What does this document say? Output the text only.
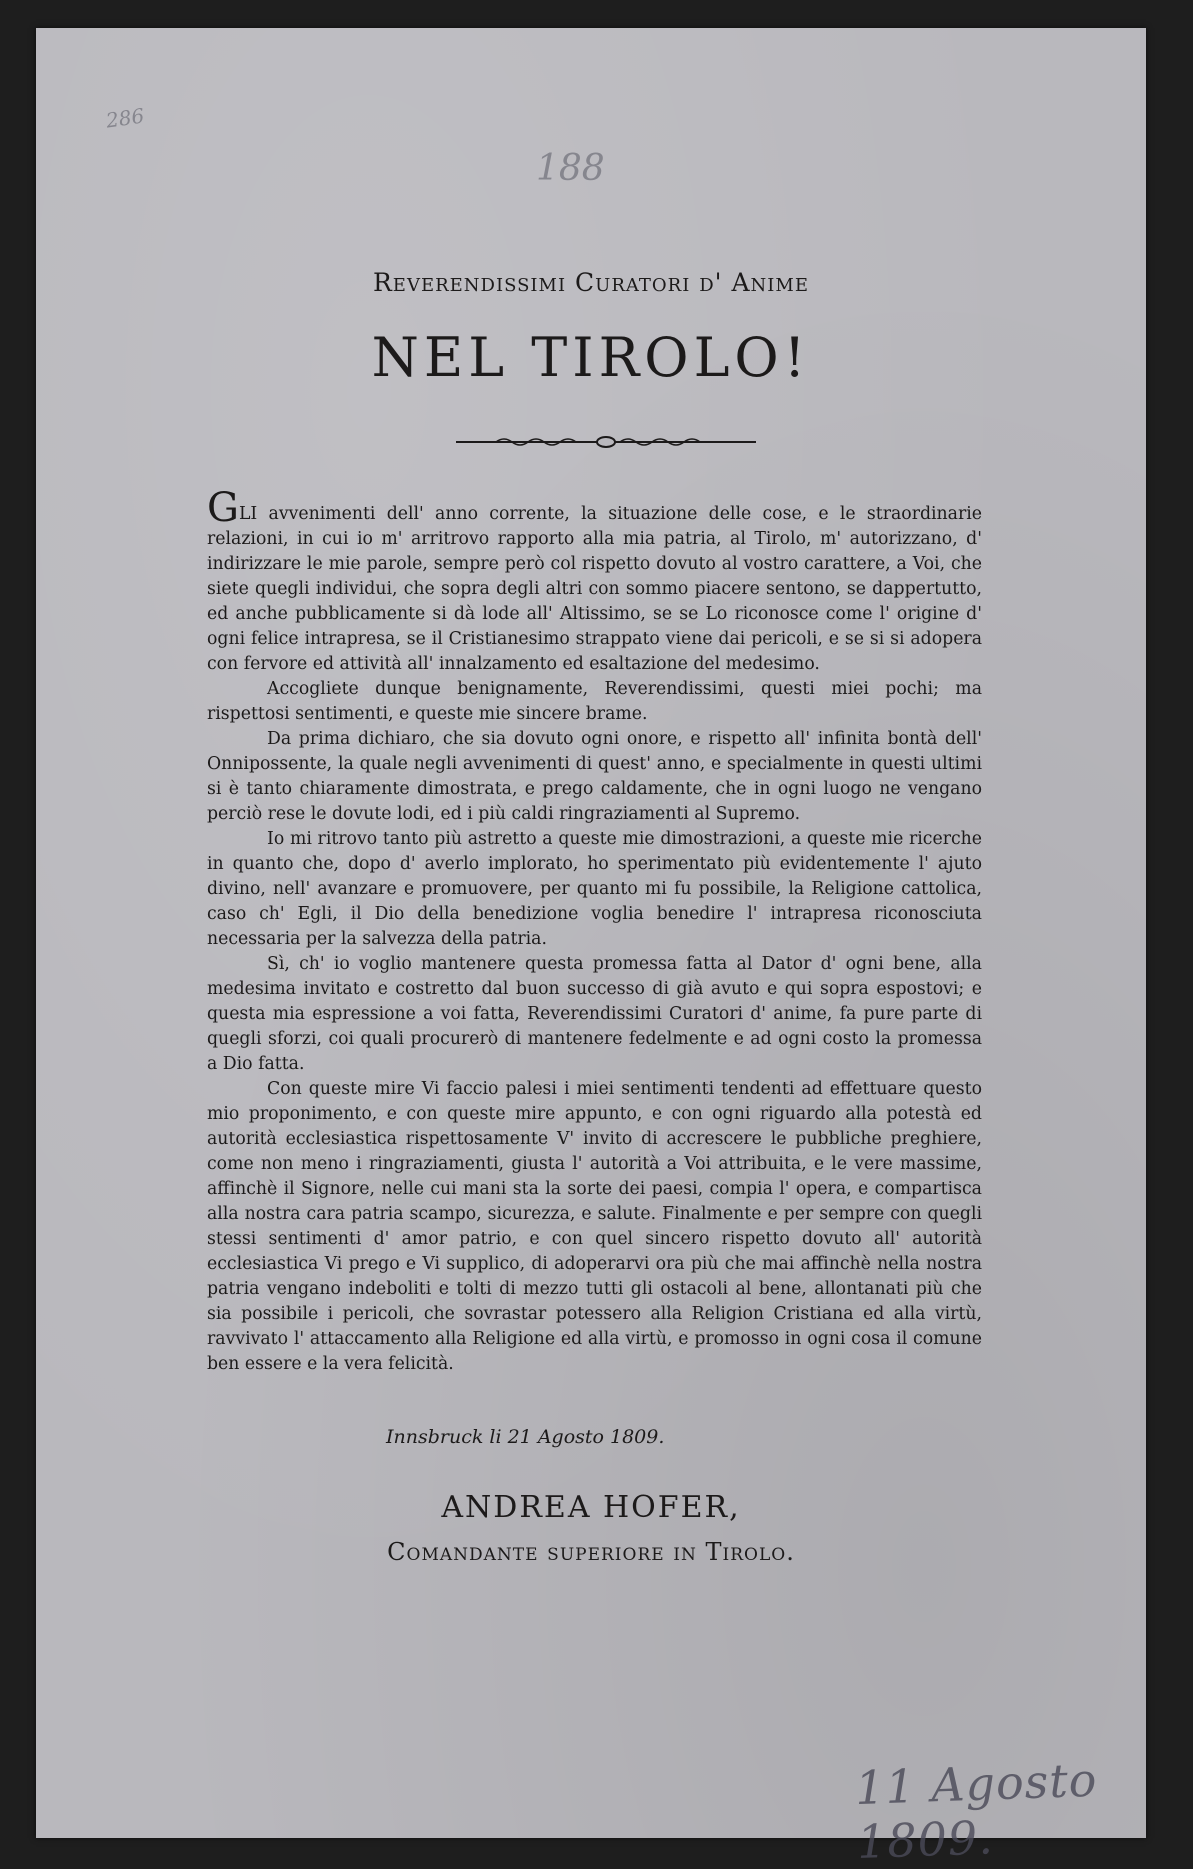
286
188
Reverendissimi Curatori d' Anime
NEL TIROLO!

GLI avvenimenti dell' anno corrente, la situazione delle cose, e le straordinarie relazioni, in cui io m' arritrovo rapporto alla mia patria, al Tirolo, m' autorizzano, d' indirizzare le mie parole, sempre però col rispetto dovuto al vostro carattere, a Voi, che siete quegli individui, che sopra degli altri con sommo piacere sentono, se dappertutto, ed anche pubblicamente si dà lode all' Altissimo, se se Lo riconosce come l' origine d' ogni felice intrapresa, se il Cristianesimo strappato viene dai pericoli, e se si si adopera con fervore ed attività all' innalzamento ed esaltazione del medesimo.

Accogliete dunque benignamente, Reverendissimi, questi miei pochi; ma rispettosi sentimenti, e queste mie sincere brame.

Da prima dichiaro, che sia dovuto ogni onore, e rispetto all' infinita bontà dell' Onnipossente, la quale negli avvenimenti di quest' anno, e specialmente in questi ultimi si è tanto chiaramente dimostrata, e prego caldamente, che in ogni luogo ne vengano perciò rese le dovute lodi, ed i più caldi ringraziamenti al Supremo.

Io mi ritrovo tanto più astretto a queste mie dimostrazioni, a queste mie ricerche in quanto che, dopo d' averlo implorato, ho sperimentato più evidentemente l' ajuto divino, nell' avanzare e promuovere, per quanto mi fu possibile, la Religione cattolica, caso ch' Egli, il Dio della benedizione voglia benedire l' intrapresa riconosciuta necessaria per la salvezza della patria.

Sì, ch' io voglio mantenere questa promessa fatta al Dator d' ogni bene, alla medesima invitato e costretto dal buon successo di già avuto e qui sopra espostovi; e questa mia espressione a voi fatta, Reverendissimi Curatori d' anime, fa pure parte di quegli sforzi, coi quali procurerò di mantenere fedelmente e ad ogni costo la promessa a Dio fatta.

Con queste mire Vi faccio palesi i miei sentimenti tendenti ad effettuare questo mio proponimento, e con queste mire appunto, e con ogni riguardo alla potestà ed autorità ecclesiastica rispettosamente V' invito di accrescere le pubbliche preghiere, come non meno i ringraziamenti, giusta l' autorità a Voi attribuita, e le vere massime, affinchè il Signore, nelle cui mani sta la sorte dei paesi, compia l' opera, e compartisca alla nostra cara patria scampo, sicurezza, e salute. Finalmente e per sempre con quegli stessi sentimenti d' amor patrio, e con quel sincero rispetto dovuto all' autorità ecclesiastica Vi prego e Vi supplico, di adoperarvi ora più che mai affinchè nella nostra patria vengano indeboliti e tolti di mezzo tutti gli ostacoli al bene, allontanati più che sia possibile i pericoli, che sovrastar potessero alla Religion Cristiana ed alla virtù, ravvivato l' attaccamento alla Religione ed alla virtù, e promosso in ogni cosa il comune ben essere e la vera felicità.

Innsbruck li 21 Agosto 1809.
ANDREA HOFER,
Comandante superiore in Tirolo.
11 Agosto 1809.
